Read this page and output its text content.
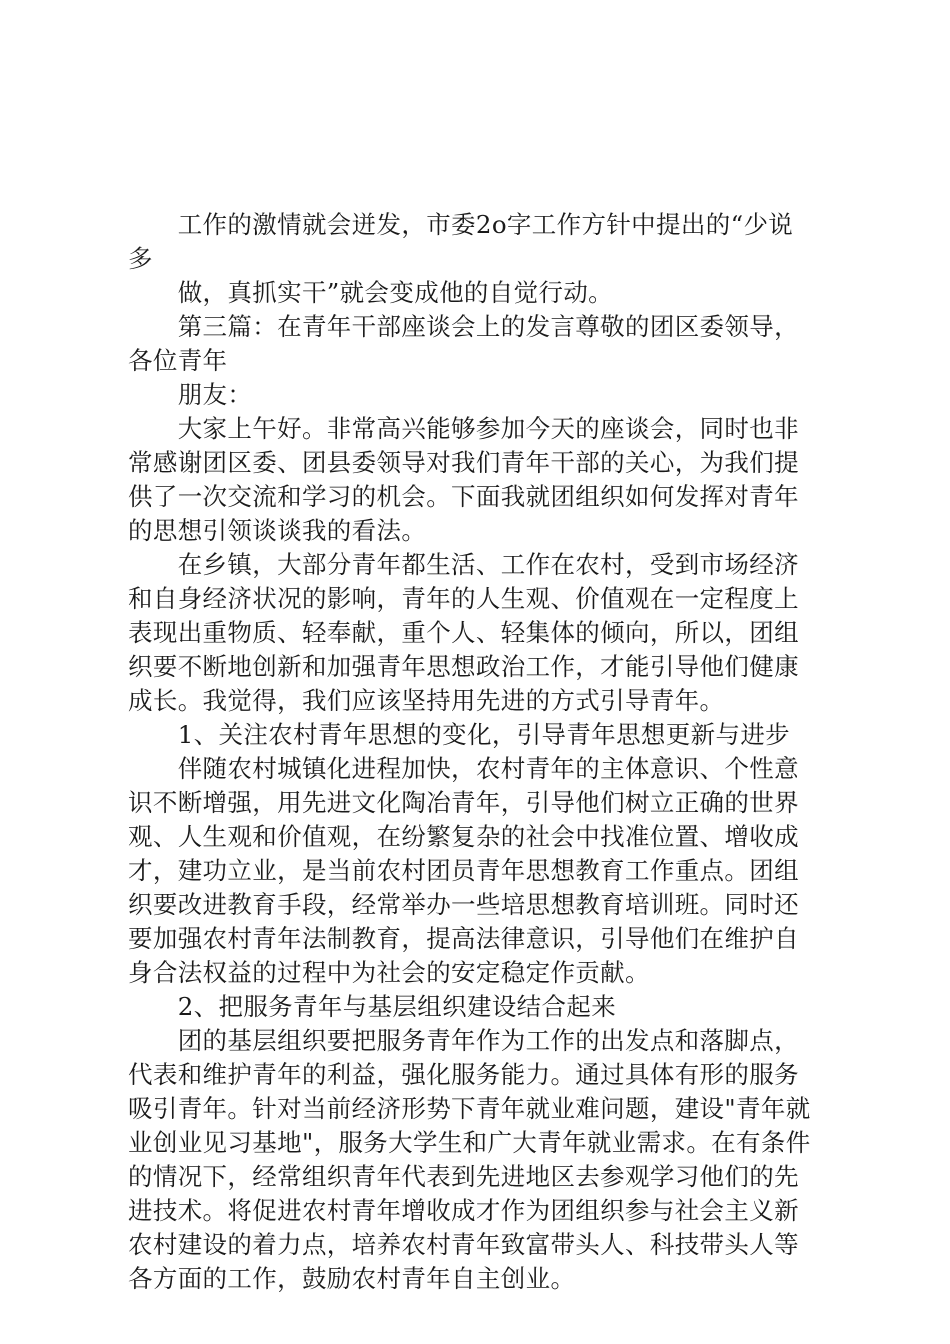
　　工作的激情就会迸发，市委2o字工作方针中提出的“少说
多
　　做，真抓实干”就会变成他的自觉行动。
　　第三篇：在青年干部座谈会上的发言尊敬的团区委领导，
各位青年
　　朋友：
　　大家上午好。非常高兴能够参加今天的座谈会，同时也非
常感谢团区委、团县委领导对我们青年干部的关心，为我们提
供了一次交流和学习的机会。下面我就团组织如何发挥对青年
的思想引领谈谈我的看法。
　　在乡镇，大部分青年都生活、工作在农村，受到市场经济
和自身经济状况的影响，青年的人生观、价值观在一定程度上
表现出重物质、轻奉献，重个人、轻集体的倾向，所以，团组
织要不断地创新和加强青年思想政治工作，才能引导他们健康
成长。我觉得，我们应该坚持用先进的方式引导青年。
　　1、关注农村青年思想的变化，引导青年思想更新与进步
　　伴随农村城镇化进程加快，农村青年的主体意识、个性意
识不断增强，用先进文化陶冶青年，引导他们树立正确的世界
观、人生观和价值观，在纷繁复杂的社会中找准位置、增收成
才，建功立业，是当前农村团员青年思想教育工作重点。团组
织要改进教育手段，经常举办一些培思想教育培训班。同时还
要加强农村青年法制教育，提高法律意识，引导他们在维护自
身合法权益的过程中为社会的安定稳定作贡献。
　　2、把服务青年与基层组织建设结合起来
　　团的基层组织要把服务青年作为工作的出发点和落脚点，
代表和维护青年的利益，强化服务能力。通过具体有形的服务
吸引青年。针对当前经济形势下青年就业难问题，建设"青年就
业创业见习基地"，服务大学生和广大青年就业需求。在有条件
的情况下，经常组织青年代表到先进地区去参观学习他们的先
进技术。将促进农村青年增收成才作为团组织参与社会主义新
农村建设的着力点，培养农村青年致富带头人、科技带头人等
各方面的工作，鼓励农村青年自主创业。
